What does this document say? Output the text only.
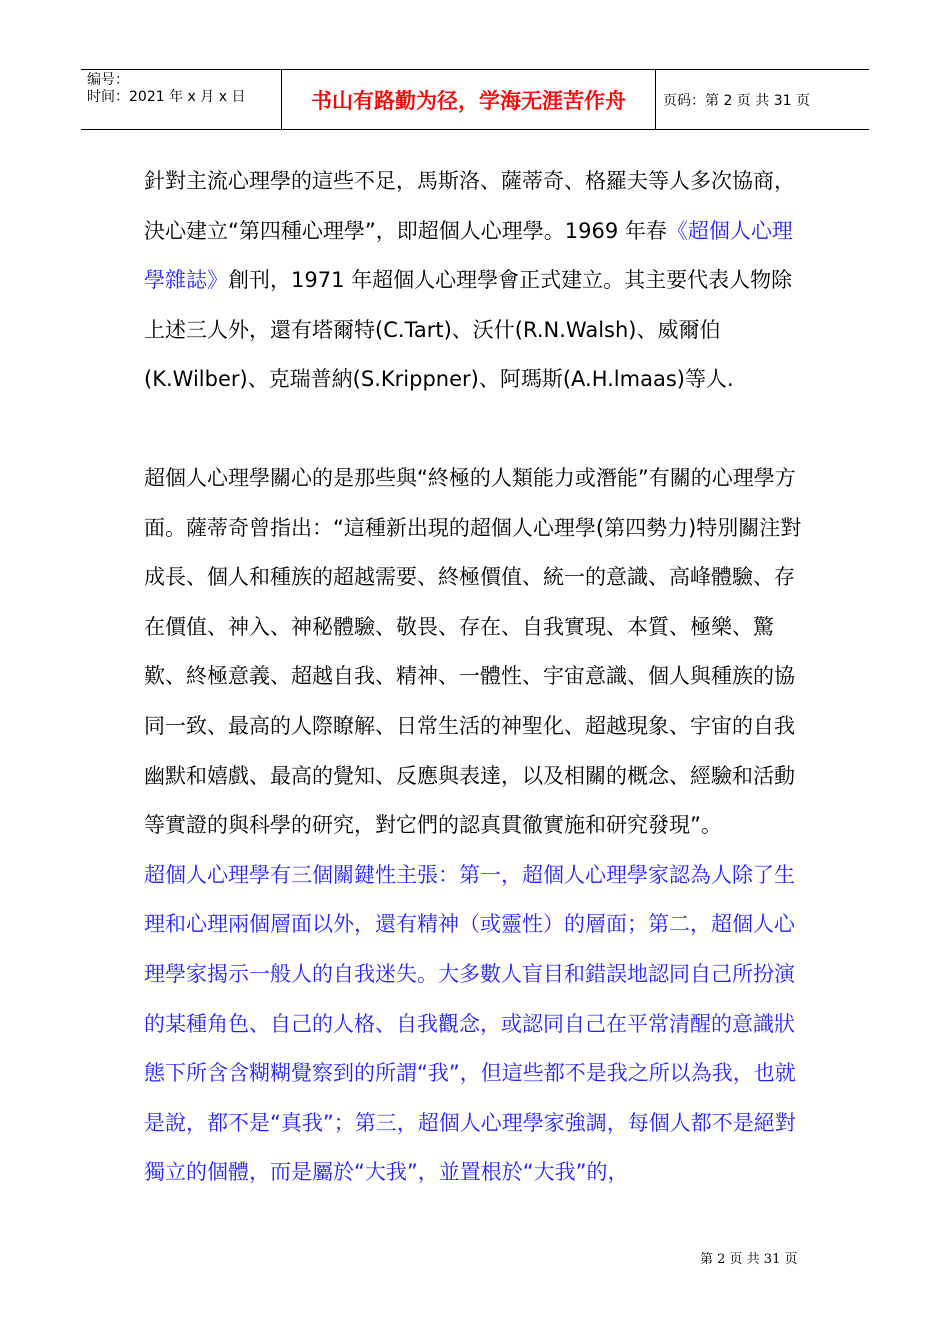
编号：
时间：2021 年 x 月 x 日	书山有路勤为径，学海无涯苦作舟	页码：第 2 页 共 31 页

針對主流心理學的這些不足，馬斯洛、薩蒂奇、格羅夫等人多次協商，決心建立“第四種心理學”，即超個人心理學。1969 年春《超個人心理學雜誌》創刊，1971 年超個人心理學會正式建立。其主要代表人物除上述三人外，還有塔爾特(C.Tart)、沃什(R.N.Walsh)、威爾伯(K.Wilber)、克瑞普納(S.Krippner)、阿瑪斯(A.H.lmaas)等人.

超個人心理學關心的是那些與“終極的人類能力或潛能”有關的心理學方面。薩蒂奇曾指出：“這種新出現的超個人心理學(第四勢力)特別關注對成長、個人和種族的超越需要、終極價值、統一的意識、高峰體驗、存在價值、神入、神秘體驗、敬畏、存在、自我實現、本質、極樂、驚歎、終極意義、超越自我、精神、一體性、宇宙意識、個人與種族的協同一致、最高的人際瞭解、日常生活的神聖化、超越現象、宇宙的自我幽默和嬉戲、最高的覺知、反應與表達，以及相關的概念、經驗和活動等實證的與科學的研究，對它們的認真貫徹實施和研究發現”。

超個人心理學有三個關鍵性主張：第一，超個人心理學家認為人除了生理和心理兩個層面以外，還有精神（或靈性）的層面；第二，超個人心理學家揭示一般人的自我迷失。大多數人盲目和錯誤地認同自己所扮演的某種角色、自己的人格、自我觀念，或認同自己在平常清醒的意識狀態下所含含糊糊覺察到的所謂“我”，但這些都不是我之所以為我，也就是說，都不是“真我”；第三，超個人心理學家強調，每個人都不是絕對獨立的個體，而是屬於“大我”，並置根於“大我”的，

第 2 页 共 31 页
